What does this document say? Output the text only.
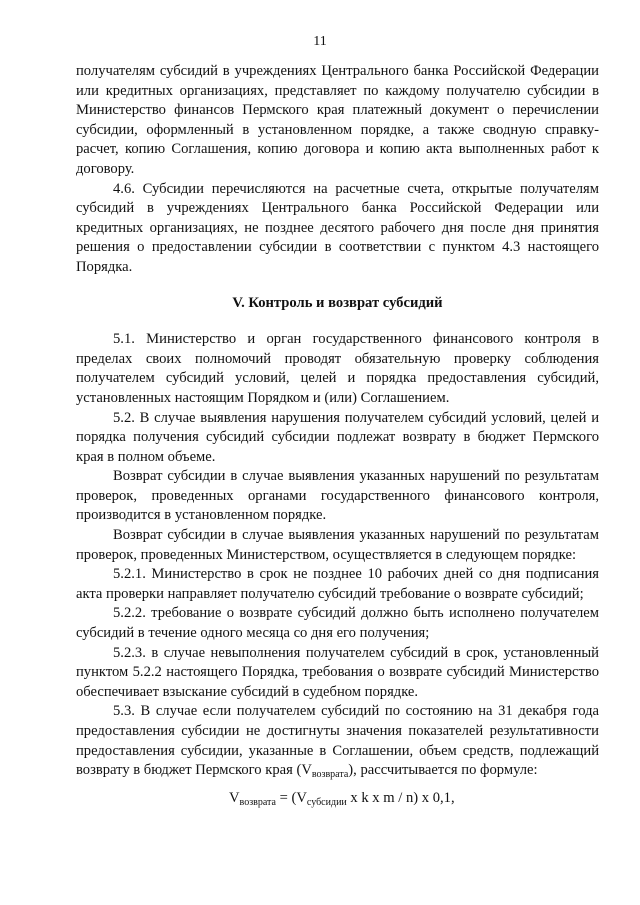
11

получателям субсидий в учреждениях Центрального банка Российской Федерации или кредитных организациях, представляет по каждому получателю субсидии в Министерство финансов Пермского края платежный документ о перечислении субсидии, оформленный в установленном порядке, а также сводную справку-расчет, копию Соглашения, копию договора и копию акта выполненных работ к договору.

4.6. Субсидии перечисляются на расчетные счета, открытые получателям субсидий в учреждениях Центрального банка Российской Федерации или кредитных организациях, не позднее десятого рабочего дня после дня принятия решения о предоставлении субсидии в соответствии с пунктом 4.3 настоящего Порядка.

V. Контроль и возврат субсидий

5.1. Министерство и орган государственного финансового контроля в пределах своих полномочий проводят обязательную проверку соблюдения получателем субсидий условий, целей и порядка предоставления субсидий, установленных настоящим Порядком и (или) Соглашением.

5.2. В случае выявления нарушения получателем субсидий условий, целей и порядка получения субсидий субсидии подлежат возврату в бюджет Пермского края в полном объеме.

Возврат субсидии в случае выявления указанных нарушений по результатам проверок, проведенных органами государственного финансового контроля, производится в установленном порядке.

Возврат субсидии в случае выявления указанных нарушений по результатам проверок, проведенных Министерством, осуществляется в следующем порядке:

5.2.1. Министерство в срок не позднее 10 рабочих дней со дня подписания акта проверки направляет получателю субсидий требование о возврате субсидий;

5.2.2. требование о возврате субсидий должно быть исполнено получателем субсидий в течение одного месяца со дня его получения;

5.2.3. в случае невыполнения получателем субсидий в срок, установленный пунктом 5.2.2 настоящего Порядка, требования о возврате субсидий Министерство обеспечивает взыскание субсидий в судебном порядке.

5.3. В случае если получателем субсидий по состоянию на 31 декабря года предоставления субсидии не достигнуты значения показателей результативности предоставления субсидии, указанные в Соглашении, объем средств, подлежащий возврату в бюджет Пермского края $(V_{возврата})$, рассчитывается по формуле:

$V_{возврата} = (V_{субсидии}$ x k x m / n) x 0,1,
